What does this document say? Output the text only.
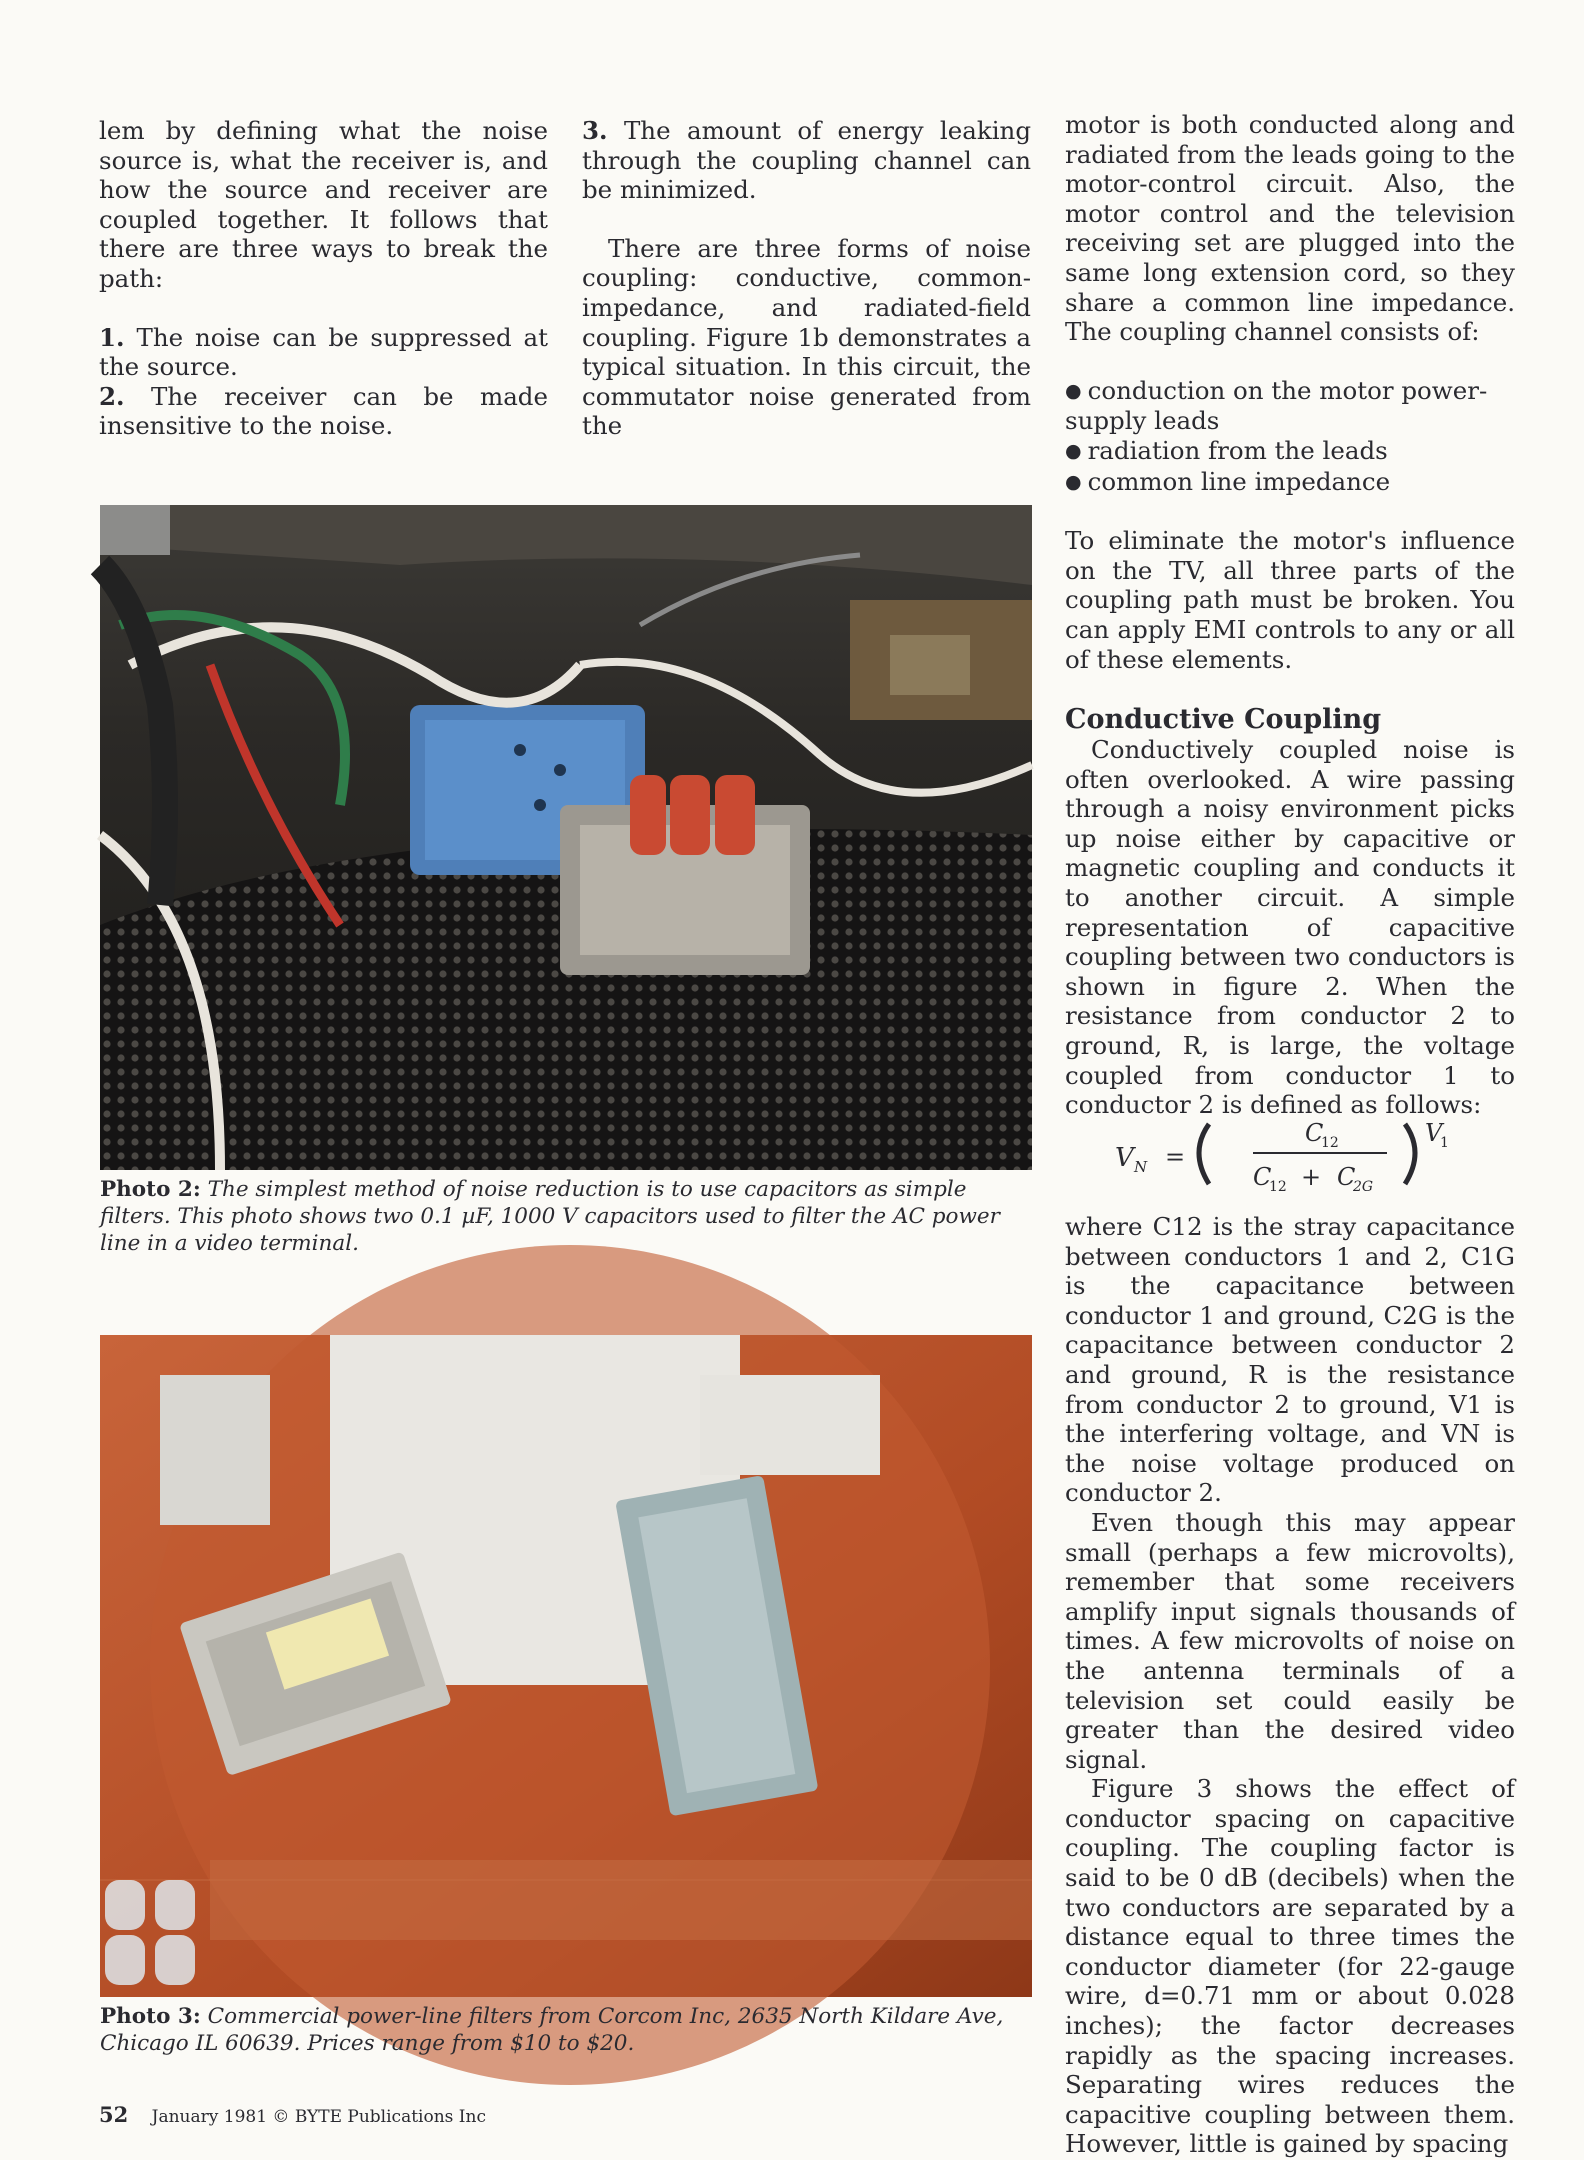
lem by defining what the noise source is, what the receiver is, and how the source and receiver are coupled together. It follows that there are three ways to break the path:

1. The noise can be suppressed at the source.

2. The receiver can be made insensitive to the noise.

3. The amount of energy leaking through the coupling channel can be minimized.

There are three forms of noise coupling: conductive, common-impedance, and radiated-field coupling. Figure 1b demonstrates a typical situation. In this circuit, the commutator noise generated from the

motor is both conducted along and radiated from the leads going to the motor-control circuit. Also, the motor control and the television receiving set are plugged into the same long extension cord, so they share a common line impedance. The coupling channel consists of:

● conduction on the motor power-supply leads

● radiation from the leads

● common line impedance

To eliminate the motor's influence on the TV, all three parts of the coupling path must be broken. You can apply EMI controls to any or all of these elements.

Conductive Coupling

Conductively coupled noise is often overlooked. A wire passing through a noisy environment picks up noise either by capacitive or magnetic coupling and conducts it to another circuit. A simple representation of capacitive coupling between two conductors is shown in figure 2. When the resistance from conductor 2 to ground, R, is large, the voltage coupled from conductor 1 to conductor 2 is defined as follows:

V N =
C
12
C
12 + C
2G
V
1

where C12 is the stray capacitance between conductors 1 and 2, C1G is the capacitance between conductor 1 and ground, C2G is the capacitance between conductor 2 and ground, R is the resistance from conductor 2 to ground, V1 is the interfering voltage, and VN is the noise voltage produced on conductor 2.

Even though this may appear small (perhaps a few microvolts), remember that some receivers amplify input signals thousands of times. A few microvolts of noise on the antenna terminals of a television set could easily be greater than the desired video signal.

Figure 3 shows the effect of conductor spacing on capacitive coupling. The coupling factor is said to be 0 dB (decibels) when the two conductors are separated by a distance equal to three times the conductor diameter (for 22-gauge wire, d=0.71 mm or about 0.028 inches); the factor decreases rapidly as the spacing increases. Separating wires reduces the capacitive coupling between them. However, little is gained by spacing

Photo 2: The simplest method of noise reduction is to use capacitors as simple filters. This photo shows two 0.1 µF, 1000 V capacitors used to filter the AC power line in a video terminal.
Photo 3: Commercial power-line filters from Corcom Inc, 2635 North Kildare Ave, Chicago IL 60639. Prices range from $10 to $20.
52 January 1981 © BYTE Publications Inc
